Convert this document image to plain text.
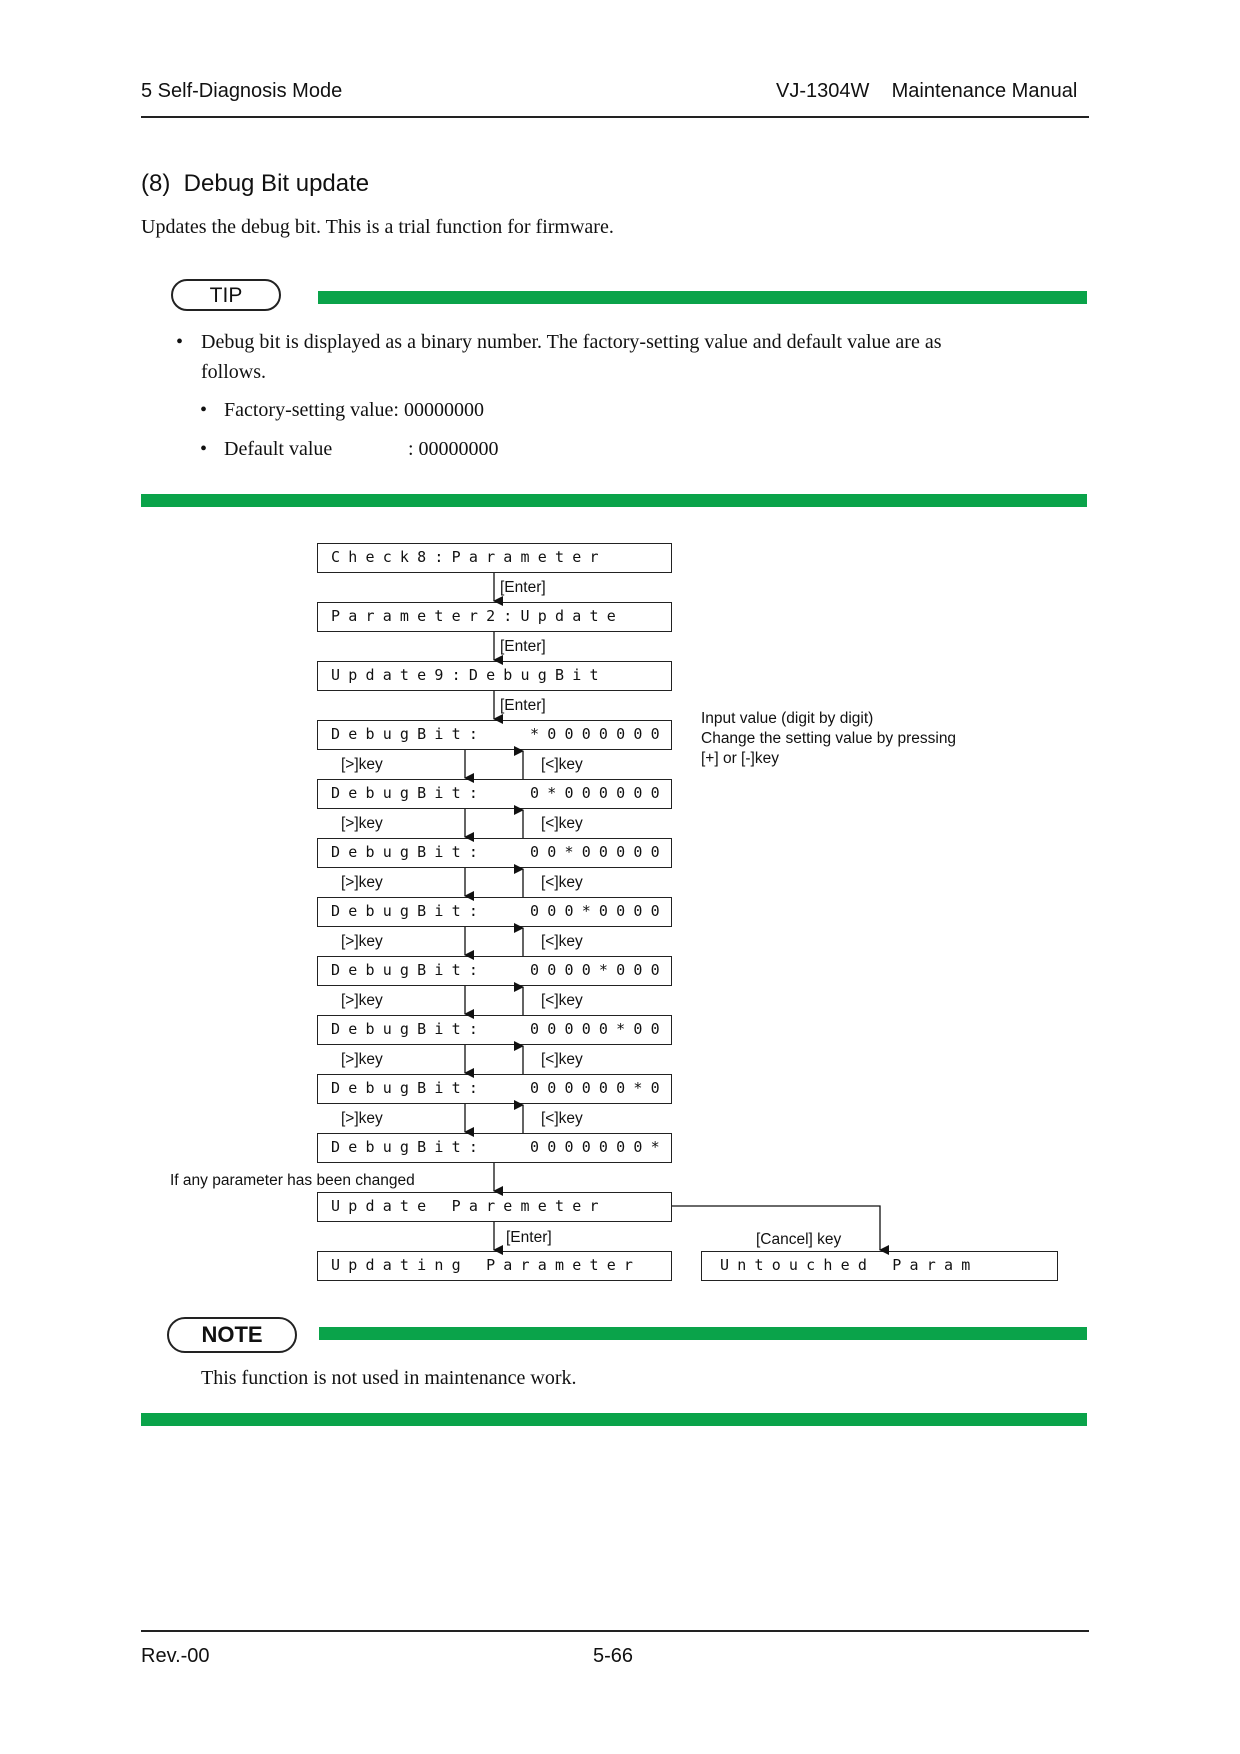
5 Self-Diagnosis Mode	VJ-1304W    Maintenance Manual
(8)  Debug Bit update
Updates the debug bit. This is a trial function for firmware.
TIP
• Debug bit is displayed as a binary number. The factory-setting value and default value are as
follows.
• Factory-setting value: 00000000
• Default value	: 00000000
Check8:Parameter
Parameter2:Update
Update9:DebugBit
[Enter]
[Enter]
[Enter]
DebugBit:	*0000000
DebugBit:	0*000000
DebugBit:	00*00000
DebugBit:	000*0000
DebugBit:	0000*000
DebugBit:	00000*00
DebugBit:	000000*0
DebugBit:	0000000*
[>]key	[<]key
[>]key	[<]key
[>]key	[<]key
[>]key	[<]key
[>]key	[<]key
[>]key	[<]key
[>]key	[<]key
Input value (digit by digit)
Change the setting value by pressing
[+] or [-]key
If any parameter has been changed
Update Paremeter
[Enter]
Updating Parameter
[Cancel] key
Untouched Param
NOTE
This function is not used in maintenance work.
Rev.-00	5-66
